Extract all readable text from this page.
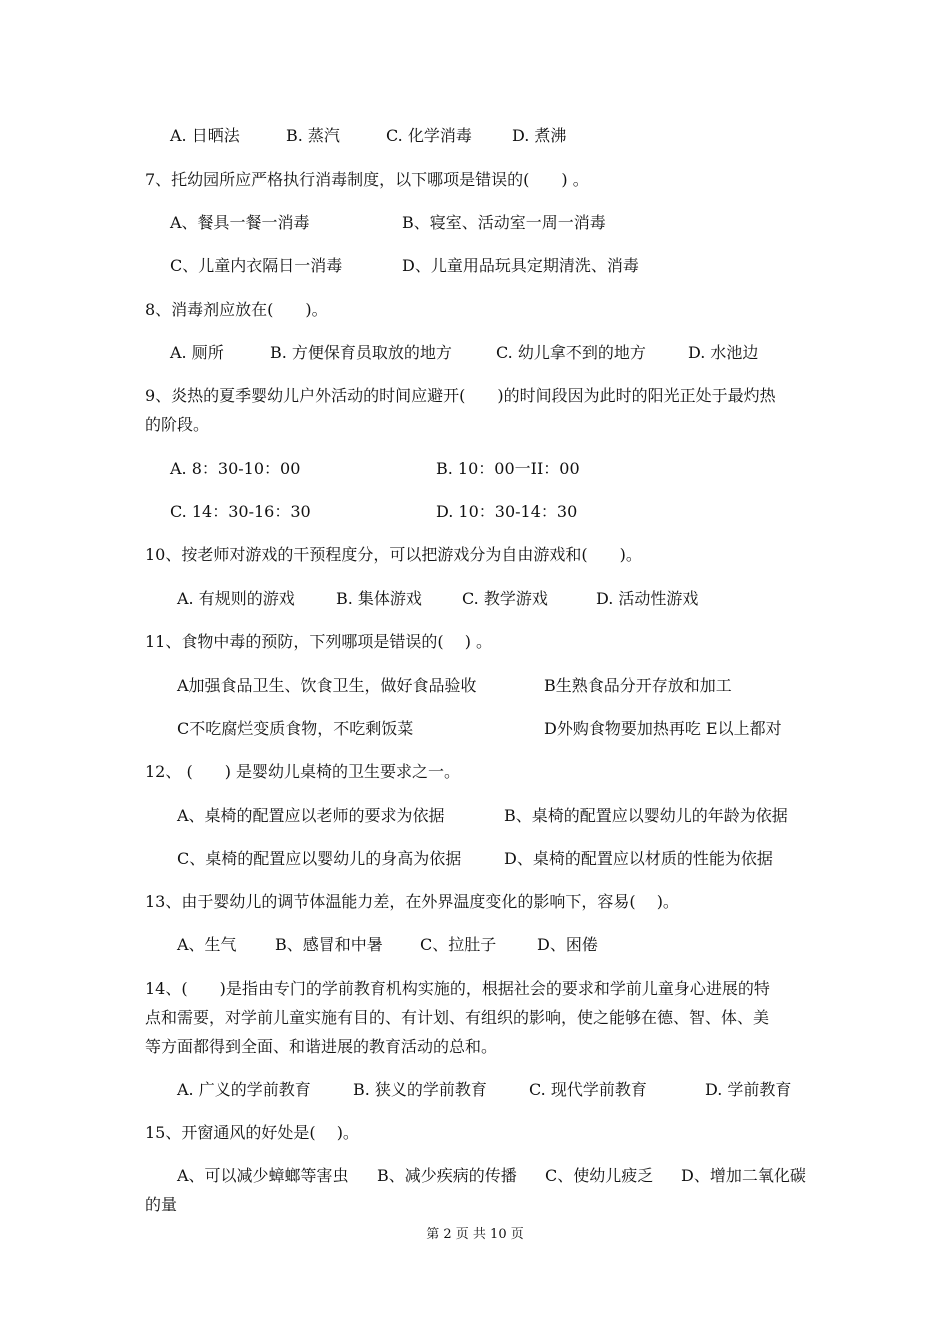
A. 日晒法	B. 蒸汽	C. 化学消毒	D. 煮沸
7、托幼园所应严格执行消毒制度，以下哪项是错误的(　　) 。
A、餐具一餐一消毒	B、寝室、活动室一周一消毒
C、儿童内衣隔日一消毒	D、儿童用品玩具定期清洗、消毒
8、消毒剂应放在(　　)。
A. 厕所	B. 方便保育员取放的地方	C. 幼儿拿不到的地方	D. 水池边
9、炎热的夏季婴幼儿户外活动的时间应避开(　　)的时间段因为此时的阳光正处于最灼热
的阶段。
A. 8：30-10：00	B. 10：00一II：00
C. 14：30-16：30	D. 10：30-14：30
10、按老师对游戏的干预程度分，可以把游戏分为自由游戏和(　　)。
A. 有规则的游戏	B. 集体游戏	C. 教学游戏	D. 活动性游戏
11、食物中毒的预防，下列哪项是错误的(　 ) 。
A加强食品卫生、饮食卫生，做好食品验收	B生熟食品分开存放和加工
C不吃腐烂变质食物，不吃剩饭菜	D外购食物要加热再吃 E以上都对
12、 (　　) 是婴幼儿桌椅的卫生要求之一。
A、桌椅的配置应以老师的要求为依据	B、桌椅的配置应以婴幼儿的年龄为依据
C、桌椅的配置应以婴幼儿的身高为依据	D、桌椅的配置应以材质的性能为依据
13、由于婴幼儿的调节体温能力差，在外界温度变化的影响下，容易(　 )。
A、生气 B、感冒和中暑 C、拉肚子	D、困倦
14、(　　)是指由专门的学前教育机构实施的，根据社会的要求和学前儿童身心进展的特
点和需要，对学前儿童实施有目的、有计划、有组织的影响，使之能够在德、智、体、美
等方面都得到全面、和谐进展的教育活动的总和。
A. 广义的学前教育	B. 狭义的学前教育	C. 现代学前教育	D. 学前教育
15、开窗通风的好处是(　 )。
A、可以减少蟑螂等害虫 B、减少疾病的传播 C、使幼儿疲乏 D、增加二氧化碳
的量
第 2 页 共 10 页
